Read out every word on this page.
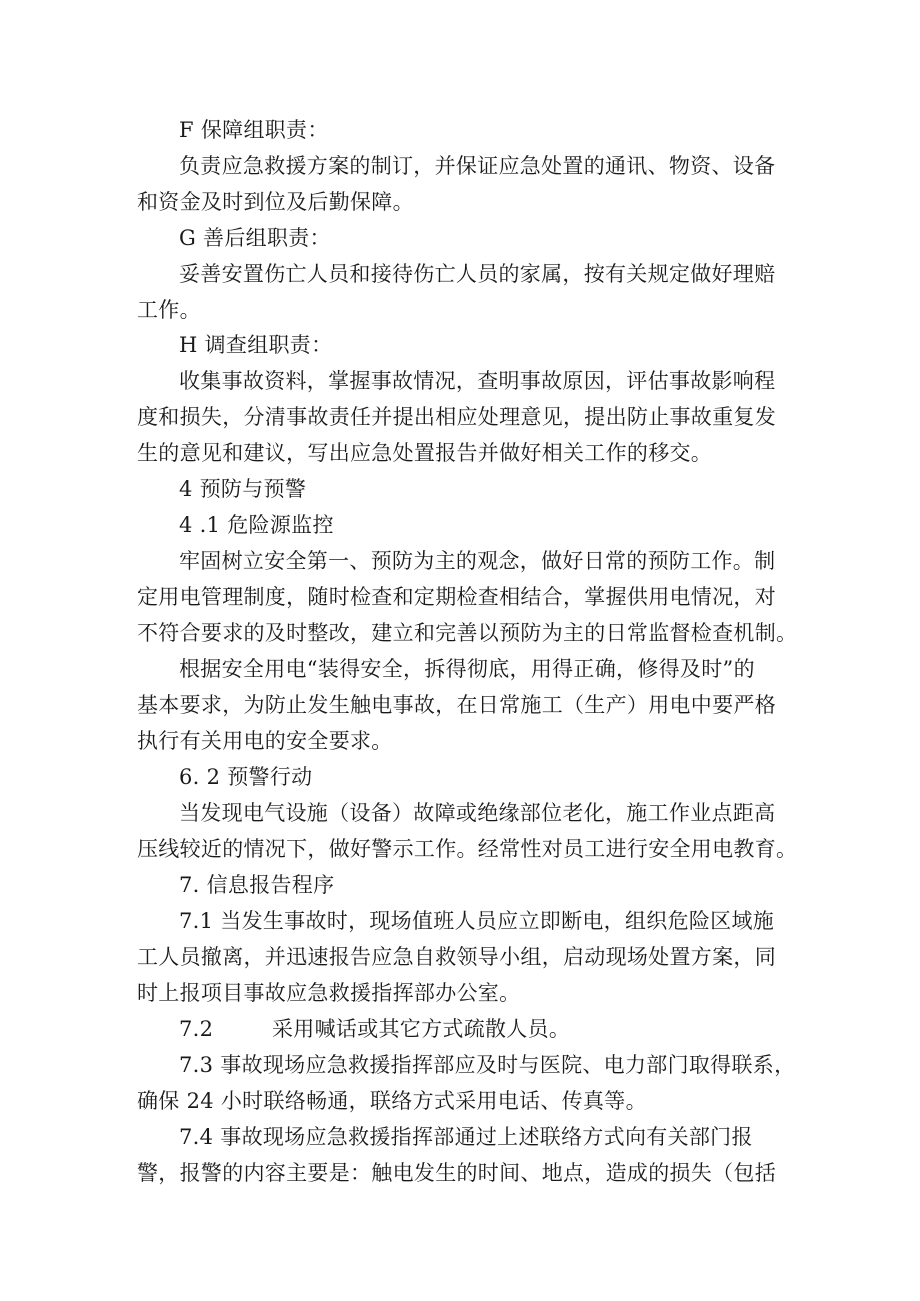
F 保障组职责：
负责应急救援方案的制订，并保证应急处置的通讯、物资、设备
和资金及时到位及后勤保障。
G 善后组职责：
妥善安置伤亡人员和接待伤亡人员的家属，按有关规定做好理赔
工作。
H 调查组职责：
收集事故资料，掌握事故情况，查明事故原因，评估事故影响程
度和损失，分清事故责任并提出相应处理意见，提出防止事故重复发
生的意见和建议，写出应急处置报告并做好相关工作的移交。
4 预防与预警
4 .1 危险源监控
牢固树立安全第一、预防为主的观念，做好日常的预防工作。制
定用电管理制度，随时检查和定期检查相结合，掌握供用电情况，对
不符合要求的及时整改，建立和完善以预防为主的日常监督检查机制。
根据安全用电“装得安全，拆得彻底，用得正确，修得及时”的
基本要求，为防止发生触电事故，在日常施工（生产）用电中要严格
执行有关用电的安全要求。
6. 2 预警行动
当发现电气设施（设备）故障或绝缘部位老化，施工作业点距高
压线较近的情况下，做好警示工作。经常性对员工进行安全用电教育。
7. 信息报告程序
7.1 当发生事故时，现场值班人员应立即断电，组织危险区域施
工人员撤离，并迅速报告应急自救领导小组，启动现场处置方案，同
时上报项目事故应急救援指挥部办公室。
7.2	采用喊话或其它方式疏散人员。
7.3 事故现场应急救援指挥部应及时与医院、电力部门取得联系，
确保 24 小时联络畅通，联络方式采用电话、传真等。
7.4 事故现场应急救援指挥部通过上述联络方式向有关部门报
警，报警的内容主要是：触电发生的时间、地点，造成的损失（包括
